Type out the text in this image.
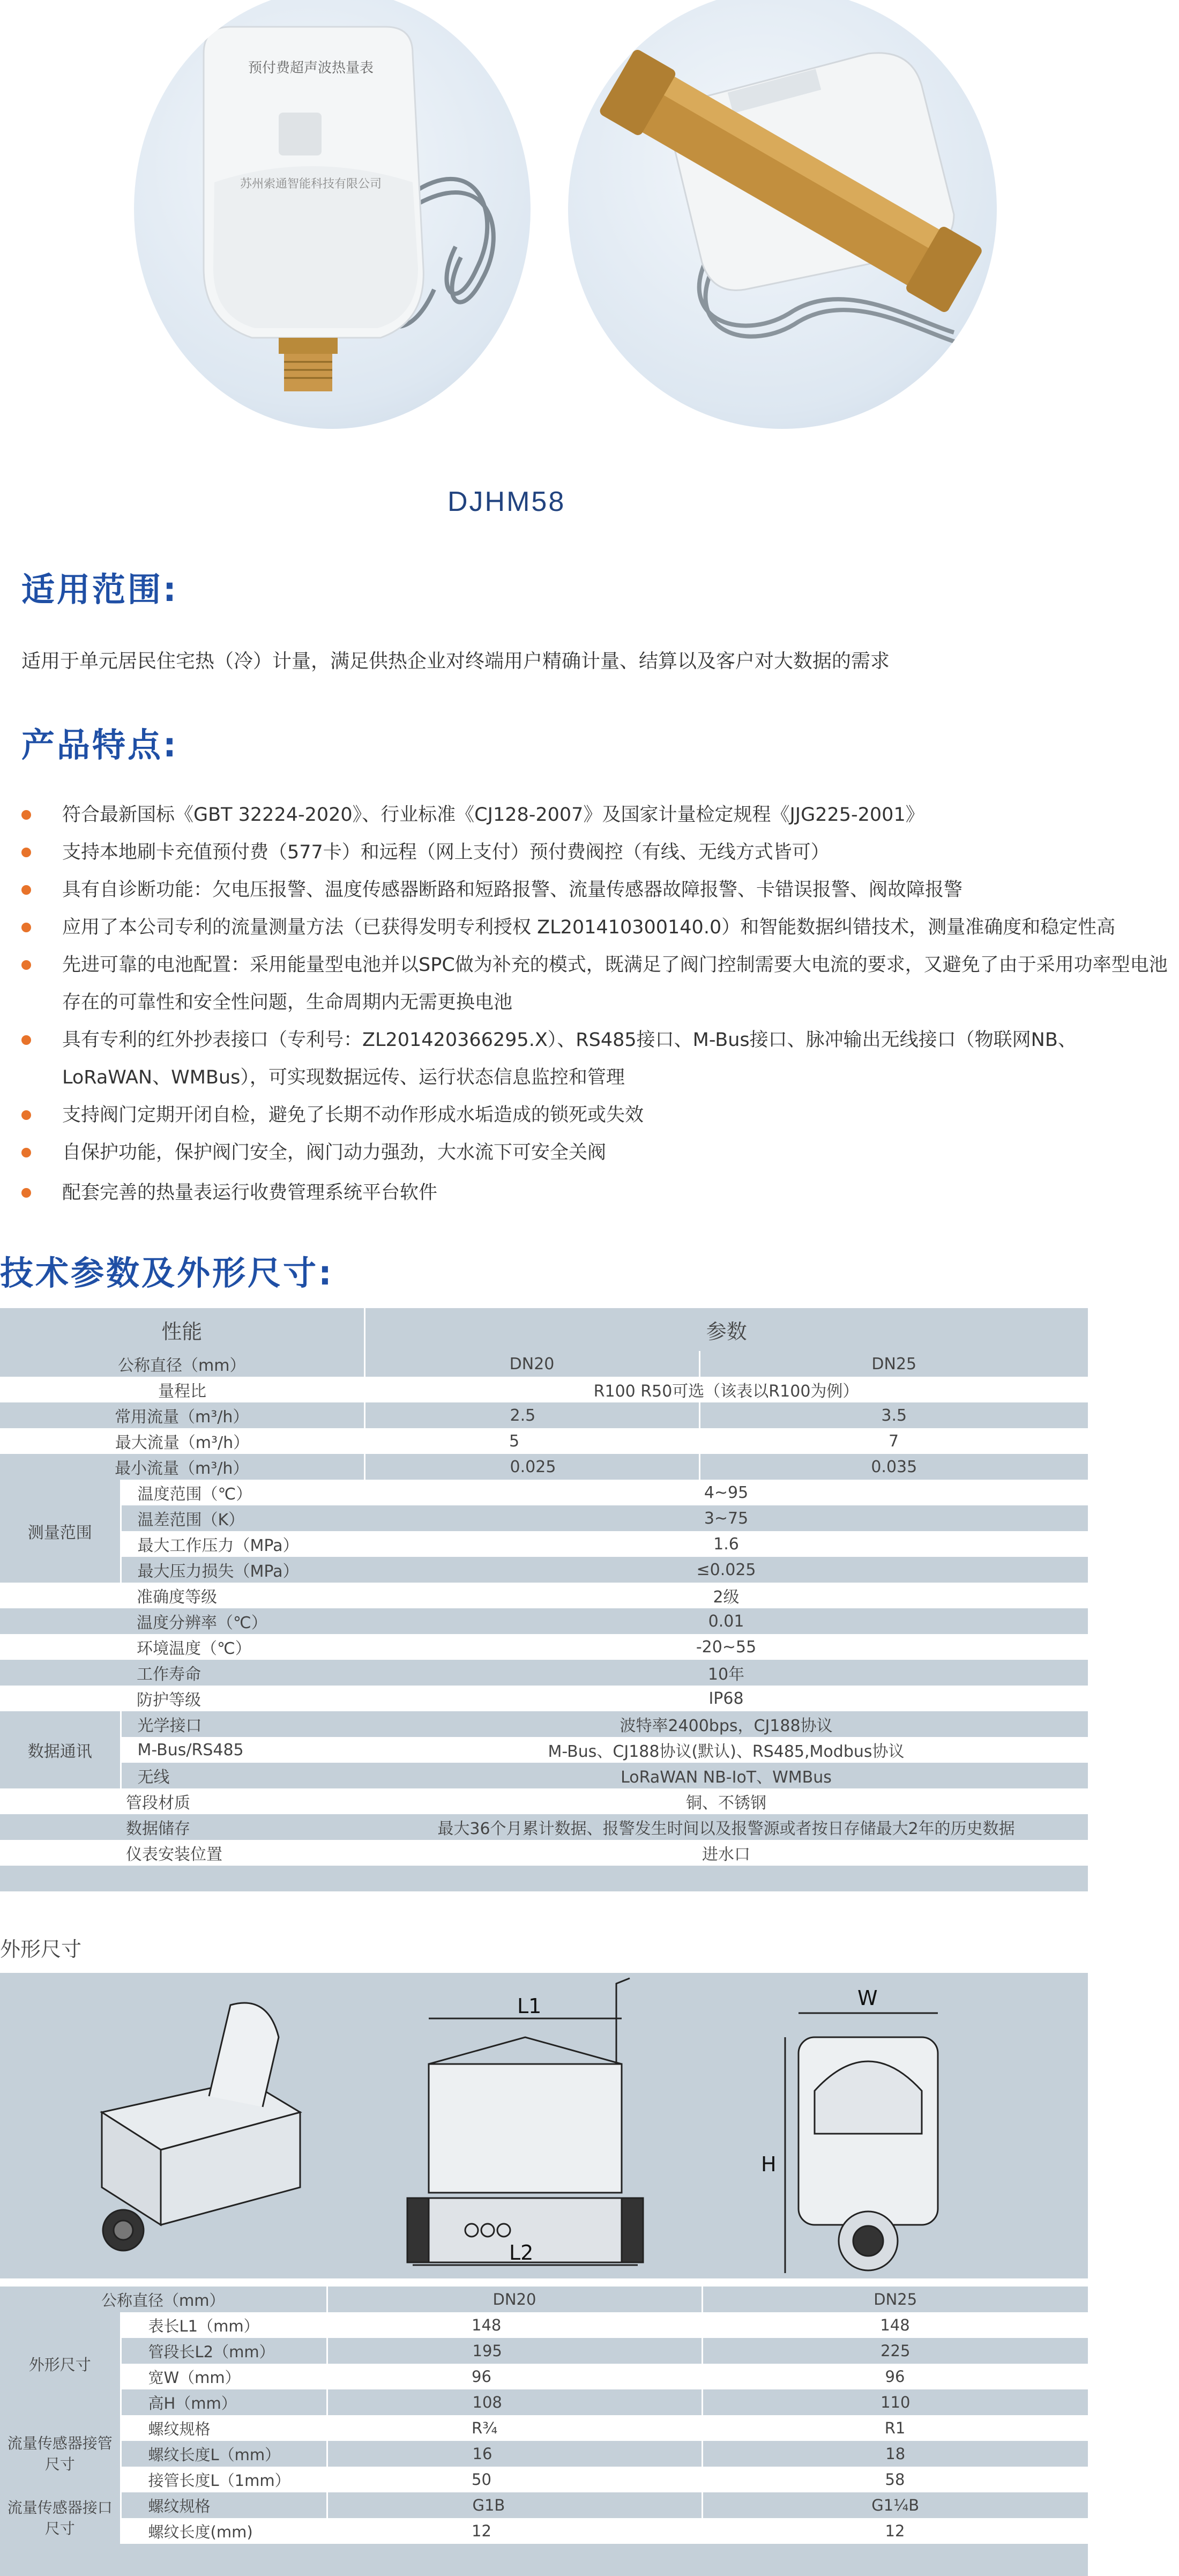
预付费超声波热量表
苏州索通智能科技有限公司
DJHM58
适用范围:
适用于单元居民住宅热（冷）计量，满足供热企业对终端用户精确计量、结算以及客户对大数据的需求
产品特点:
符合最新国标《GBT 32224-2020》、行业标准《CJ128-2007》及国家计量检定规程《JJG225-2001》
支持本地刷卡充值预付费（577卡）和远程（网上支付）预付费阀控（有线、无线方式皆可）
具有自诊断功能：欠电压报警、温度传感器断路和短路报警、流量传感器故障报警、卡错误报警、阀故障报警
应用了本公司专利的流量测量方法（已获得发明专利授权 ZL201410300140.0）和智能数据纠错技术，测量准确度和稳定性高
先进可靠的电池配置：采用能量型电池并以SPC做为补充的模式，既满足了阀门控制需要大电流的要求，又避免了由于采用功率型电池存在的可靠性和安全性问题，生命周期内无需更换电池
具有专利的红外抄表接口（专利号：ZL201420366295.X）、RS485接口、M-Bus接口、脉冲输出无线接口（物联网NB、LoRaWAN、WMBus），可实现数据远传、运行状态信息监控和管理
支持阀门定期开闭自检，避免了长期不动作形成水垢造成的锁死或失效
自保护功能，保护阀门安全，阀门动力强劲，大水流下可安全关阀
配套完善的热量表运行收费管理系统平台软件
技术参数及外形尺寸:
性能		参数	
公称直径（mm）		DN20	DN25
量程比		R100 R50可选（该表以R100为例）	
常用流量（m³/h）		2.5	3.5
最大流量（m³/h）		5	7
最小流量（m³/h）		0.025	0.035
测量范围	温度范围（℃）	4~95	
	温差范围（K）	3~75	
	最大工作压力（MPa）	1.6	
	最大压力损失（MPa）	≤0.025	
	准确度等级	2级	
	温度分辨率（℃）	0.01	
	环境温度（℃）	-20~55	
	工作寿命	10年	
	防护等级	IP68	
数据通讯	光学接口	波特率2400bps，CJ188协议	
	M-Bus/RS485	M-Bus、CJ188协议(默认)、RS485,Modbus协议	
	无线	LoRaWAN NB-IoT、WMBus	
	管段材质	铜、不锈钢	
	数据储存	最大36个月累计数据、报警发生时间以及报警源或者按日存储最大2年的历史数据	
	仪表安装位置	进水口	

外形尺寸
L1
L2
W
H
公称直径（mm）		DN20	DN25
外形尺寸	表长L1（mm）	148	148
	管段长L2（mm）	195	225
	宽W（mm）	96	96
	高H（mm）	108	110
流量传感器接管尺寸	螺纹规格	R¾	R1
	螺纹长度L（mm）	16	18
	接管长度L（1mm）	50	58
流量传感器接口尺寸	螺纹规格	G1B	G1¼B
	螺纹长度(mm)	12	12
